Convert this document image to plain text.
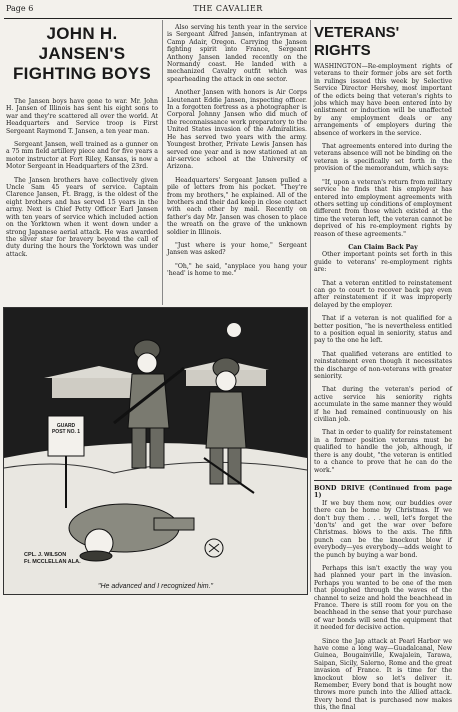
Page 6	THE CAVALIER
JOHN H. JANSEN'S
FIGHTING BOYS

The Jansen boys have gone to war. Mr. John H. Jansen of Illinois has sent his eight sons to war and they're scattered all over the world. At Headquarters and Service troop is First Sergeant Raymond T. Jansen, a ten year man.

Sergeant Jansen, well trained as a gunner on a 75 mm field artillery piece and for five years a motor instructor at Fort Riley, Kansas, is now a Motor Sergeant in Headquarters of the 23rd.

The Jansen brothers have collectively given Uncle Sam 45 years of service. Captain Clarence Jansen, Ft. Bragg, is the oldest of the eight brothers and has served 15 years in the army. Next is Chief Petty Officer Earl Jansen with ten years of service which included action on the Yorktown when it went down under a strong Japanese aerial attack. He was awarded the silver star for bravery beyond the call of duty during the hours the Yorktown was under attack.

Also serving his tenth year in the service is Sergeant Alfred Jansen, infantryman at Camp Adair, Oregon. Carrying the Jansen fighting spirit into France, Sergeant Anthony Jansen landed recently on the Normandy coast. He landed with a mechanized Cavalry outfit which was spearheading the attack in one sector.

Another Jansen with honors is Air Corps Lieutenant Eddie Jansen, inspecting officer. In a forgotten fortress as a photographer is Corporal Johnny Jansen who did much of the reconnaissance work preparatory to the United States invasion of the Admiralities. He has served two years with the army. Youngest brother, Private Lewis Jansen has served one year and is now stationed at an air-service school at the University of Arizona.

Headquarters' Sergeant Jansen pulled a pile of letters from his pocket. "They're from my brothers," he explained. All of the brothers and their dad keep in close contact with each other by mail. Recently on father's day Mr. Jansen was chosen to place the wreath on the grave of the unknown soldier in Illinois.

"Just where is your home," Sergeant Jansen was asked?

"Oh," he said, "anyplace you hang your 'head' is home to me."

VETERANS' RIGHTS

WASHINGTON—Re-employment rights of veterans to their former jobs are set forth in rulings issued this week by Selective Service Director Hershey, most important of the edicts being that veteran's rights to jobs which may have been entered into by enlistment or induction will be unaffected by any employment deals or any arrangements of employers during the absence of workers in the service.

That agreements entered into during the veterans absence will not be binding on the veteran is specifically set forth in the provision of the memorandum, which says:

"If, upon a veteran's return from military service he finds that his employer has entered into employment agreements with others setting up conditions of employment different from those which existed at the time the veteran left, the veteran cannot be deprived of his re-employment rights by reason of these agreements."

Can Claim Back Pay

Other important points set forth in this guide to veterans' re-employment rights are:

That a veteran entitled to reinstatement can go to court to recover back pay even after reinstatement if it was improperly delayed by the employer.

That if a veteran is not qualified for a better position, "he is nevertheless entitled to a position equal in seniority, status and pay to the one he left.

That qualified veterans are entitled to reinstatement even though it necessitates the discharge of non-veterans with greater seniority.

That during the veteran's period of active service his seniority rights accumulate in the same manner they would if he had remained continuously on his civilian job.

That in order to qualify for reinstatement in a former position veterans must be qualified to handle the job, although, if there is any doubt, "the veteran is entitled to a chance to prove that he can do the work."

BOND DRIVE (Continued from page 1)

If we buy them now, our buddies over there can be home by Christmas. If we don't buy them . . . well, let's forget the 'don'ts' and get the war over before Christmas. blows to the axis. The fifth punch can be the knockout blow if everybody—yes everybody—adds weight to the punch by buying a war bond.

Perhaps this isn't exactly the way you had planned your part in the invasion. Perhaps you wanted to be one of the men that ploughed through the waves of the channel to seize and hold the beachhead in France. There is still room for you on the beachhead in the sense that your purchase of war bonds will send the equipment that it needed for decisive action.

Since the Jap attack at Pearl Harbor we have come a long way—Guadalcanal, New Guinea, Bougainville, Kwajalein, Tarawa, Saipan, Sicily, Salerno, Rome and the great invasion of France. It is time for the knockout blow so let's deliver it. Remember, Every bond that is bought now throws more punch into the Allied attack. Every bond that is purchased now makes this, the final

GUARD POST NO. 1
CPL. J. WILSON
Ft. MCCLELLAN ALA.
"He advanced and I recognized him."
